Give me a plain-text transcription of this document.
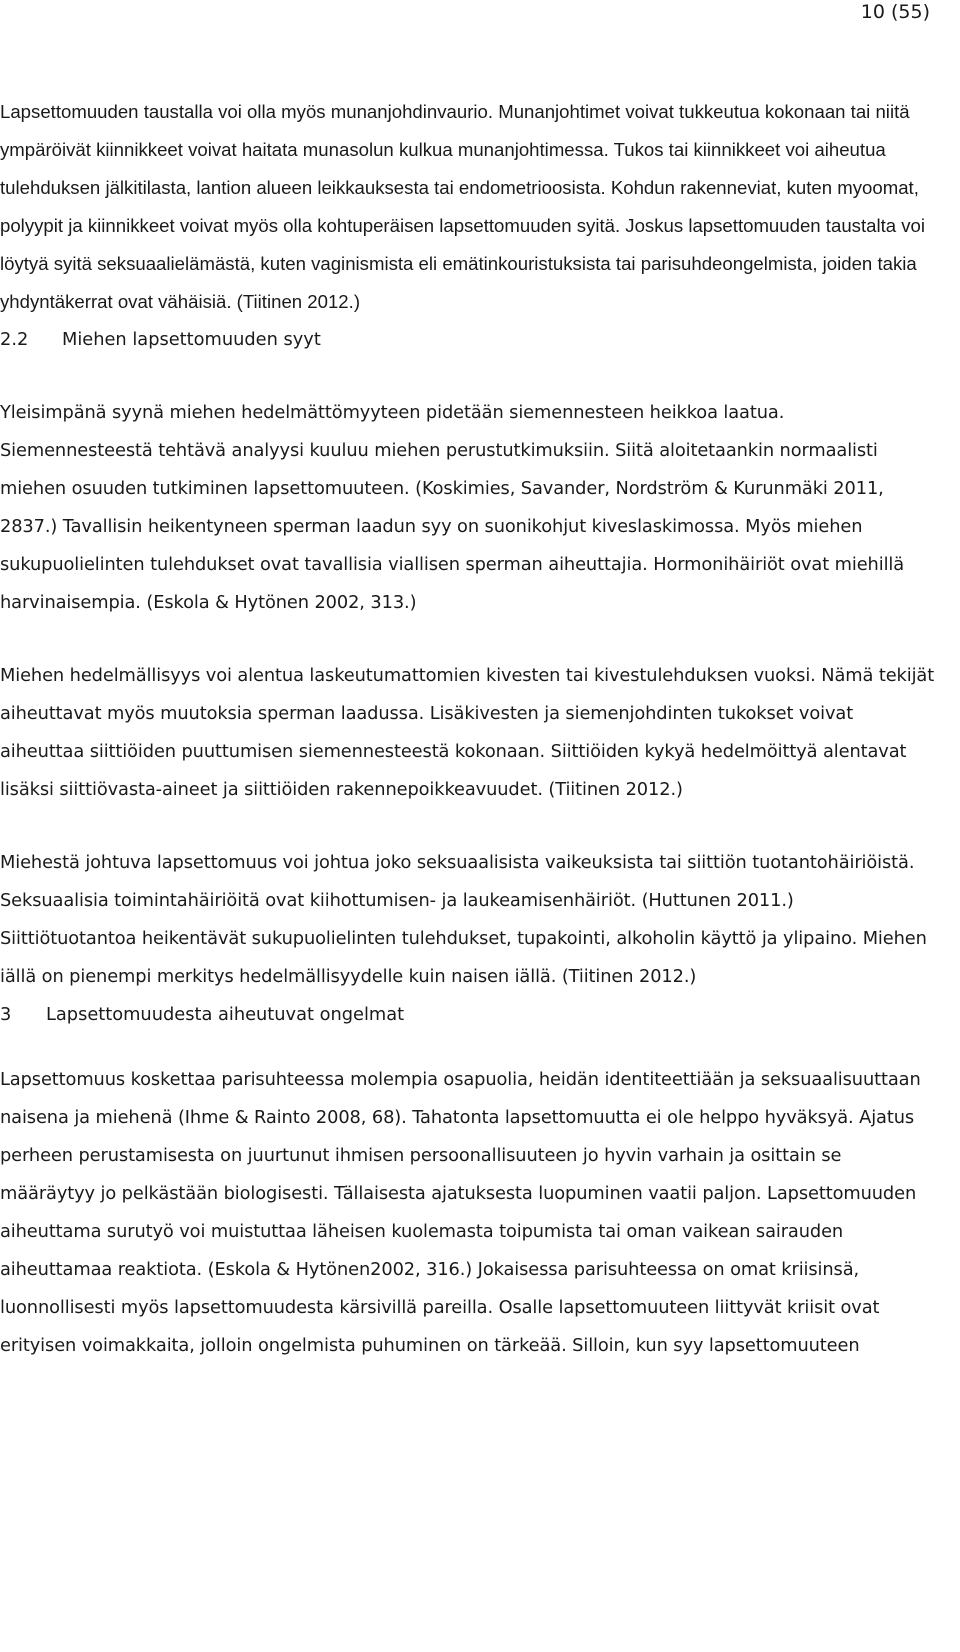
10 (55)

Lapsettomuuden taustalla voi olla myös munanjohdinvaurio. Munanjohtimet voivat tukkeutua kokonaan tai niitä ympäröivät kiinnikkeet voivat haitata munasolun kulkua munanjohtimessa. Tukos tai kiinnikkeet voi aiheutua tulehduksen jälkitilasta, lantion alueen leikkauksesta tai endometrioosista. Kohdun rakenneviat, kuten myoomat, polyypit ja kiinnikkeet voivat myös olla kohtuperäisen lapsettomuuden syitä. Joskus lapsettomuuden taustalta voi löytyä syitä seksuaalielämästä, kuten vaginismista eli emätinkouristuksista tai parisuhdeongelmista, joiden takia yhdyntäkerrat ovat vähäisiä. (Tiitinen 2012.)

2.2 Miehen lapsettomuuden syyt

Yleisimpänä syynä miehen hedelmättömyyteen pidetään siemennesteen heikkoa laatua. Siemennesteestä tehtävä analyysi kuuluu miehen perustutkimuksiin. Siitä aloitetaankin normaalisti miehen osuuden tutkiminen lapsettomuuteen. (Koskimies, Savander, Nordström & Kurunmäki 2011, 2837.) Tavallisin heikentyneen sperman laadun syy on suonikohjut kiveslaskimossa. Myös miehen sukupuolielinten tulehdukset ovat tavallisia viallisen sperman aiheuttajia. Hormonihäiriöt ovat miehillä harvinaisempia. (Eskola & Hytönen 2002, 313.)

Miehen hedelmällisyys voi alentua laskeutumattomien kivesten tai kivestulehduksen vuoksi. Nämä tekijät aiheuttavat myös muutoksia sperman laadussa. Lisäkivesten ja siemenjohdinten tukokset voivat aiheuttaa siittiöiden puuttumisen siemennesteestä kokonaan. Siittiöiden kykyä hedelmöittyä alentavat lisäksi siittiövasta-aineet ja siittiöiden rakennepoikkeavuudet. (Tiitinen 2012.)

Miehestä johtuva lapsettomuus voi johtua joko seksuaalisista vaikeuksista tai siittiön tuotantohäiriöistä. Seksuaalisia toimintahäiriöitä ovat kiihottumisen- ja laukeamisenhäiriöt. (Huttunen 2011.) Siittiötuotantoa heikentävät sukupuolielinten tulehdukset, tupakointi, alkoholin käyttö ja ylipaino. Miehen iällä on pienempi merkitys hedelmällisyydelle kuin naisen iällä. (Tiitinen 2012.)

3 Lapsettomuudesta aiheutuvat ongelmat

Lapsettomuus koskettaa parisuhteessa molempia osapuolia, heidän identiteettiään ja seksuaalisuuttaan naisena ja miehenä (Ihme & Rainto 2008, 68). Tahatonta lapsettomuutta ei ole helppo hyväksyä. Ajatus perheen perustamisesta on juurtunut ihmisen persoonallisuuteen jo hyvin varhain ja osittain se määräytyy jo pelkästään biologisesti. Tällaisesta ajatuksesta luopuminen vaatii paljon. Lapsettomuuden aiheuttama surutyö voi muistuttaa läheisen kuolemasta toipumista tai oman vaikean sairauden aiheuttamaa reaktiota. (Eskola & Hytönen2002, 316.) Jokaisessa parisuhteessa on omat kriisinsä, luonnollisesti myös lapsettomuudesta kärsivillä pareilla. Osalle lapsettomuuteen liittyvät kriisit ovat erityisen voimakkaita, jolloin ongelmista puhuminen on tärkeää. Silloin, kun syy lapsettomuuteen
